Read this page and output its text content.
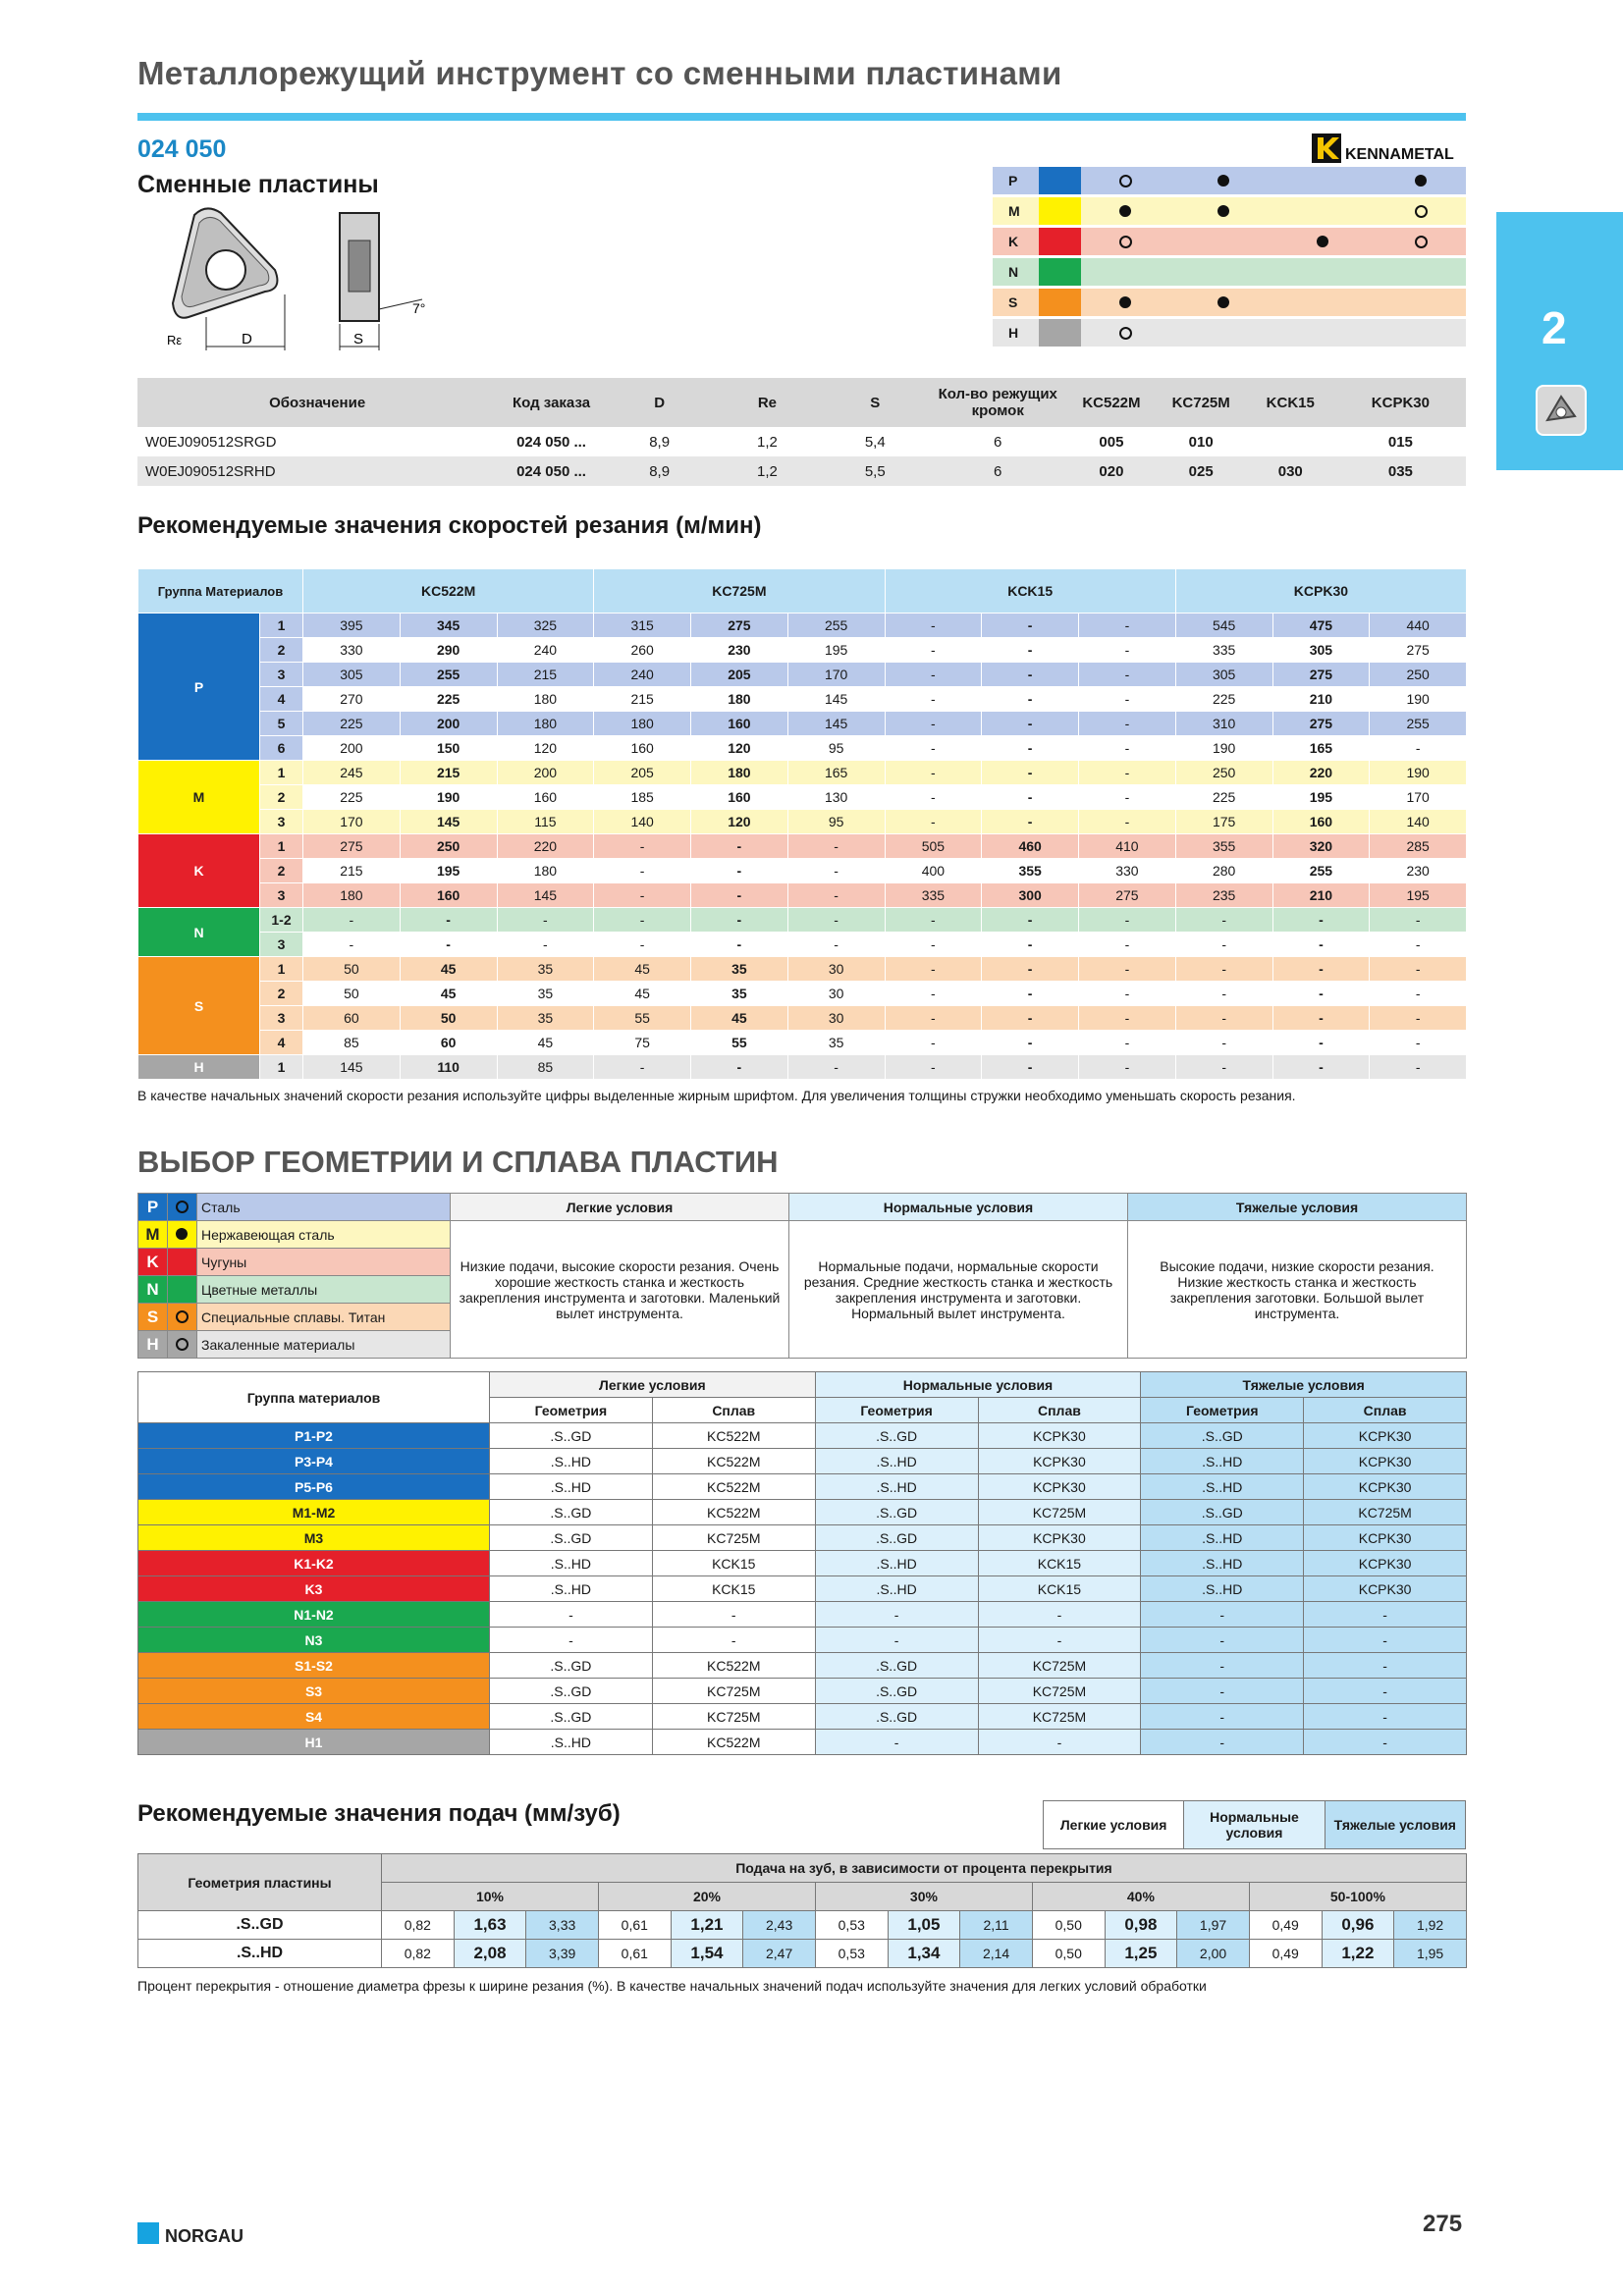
Металлорежущий инструмент со сменными пластинами
024 050
Сменные пластины
KENNAMETAL
2
D
Rε	S
7°
P
M
K
N
S
H
Обозначение	Код заказа	D	Re	S	Кол-во режущих кромок	KC522M	KC725M	KCK15	KCPK30
W0EJ090512SRGD	024 050 ...	8,9	1,2	5,4	6	005	010		015
W0EJ090512SRHD	024 050 ...	8,9	1,2	5,5	6	020	025	030	035
Рекомендуемые значения скоростей резания (м/мин)
Группа Материалов		KC522M			KC725M			KCK15			KCPK30		
P	1	395	345	325	315	275	255	-	-	-	545	475	440
	2	330	290	240	260	230	195	-	-	-	335	305	275
	3	305	255	215	240	205	170	-	-	-	305	275	250
	4	270	225	180	215	180	145	-	-	-	225	210	190
	5	225	200	180	180	160	145	-	-	-	310	275	255
	6	200	150	120	160	120	95	-	-	-	190	165	-
M	1	245	215	200	205	180	165	-	-	-	250	220	190
	2	225	190	160	185	160	130	-	-	-	225	195	170
	3	170	145	115	140	120	95	-	-	-	175	160	140
K	1	275	250	220	-	-	-	505	460	410	355	320	285
	2	215	195	180	-	-	-	400	355	330	280	255	230
	3	180	160	145	-	-	-	335	300	275	235	210	195
N	1-2	-	-	-	-	-	-	-	-	-	-	-	-
	3	-	-	-	-	-	-	-	-	-	-	-	-
S	1	50	45	35	45	35	30	-	-	-	-	-	-
	2	50	45	35	45	35	30	-	-	-	-	-	-
	3	60	50	35	55	45	30	-	-	-	-	-	-
	4	85	60	45	75	55	35	-	-	-	-	-	-
H	1	145	110	85	-	-	-	-	-	-	-	-	-
В качестве начальных значений скорости резания используйте цифры выделенные жирным шрифтом. Для увеличения толщины стружки необходимо уменьшать скорость резания.
ВЫБОР ГЕОМЕТРИИ И СПЛАВА ПЛАСТИН
P		Сталь	Легкие условия	Нормальные условия	Тяжелые условия
M		Нержавеющая сталь	Низкие подачи, высокие скорости резания. Очень хорошие жесткость станка и жесткость закрепления инструмента и заготовки. Маленький вылет инструмента.	Нормальные подачи, нормальные скорости резания. Средние жесткость станка и жесткость закрепления инструмента и заготовки. Нормальный вылет инструмента.	Высокие подачи, низкие скорости резания. Низкие жесткость станка и жесткость закрепления заготовки. Большой вылет инструмента.
K		Чугуны			
N		Цветные металлы			
S		Специальные сплавы. Титан			
H		Закаленные материалы			
Группа материалов	Легкие условия		Нормальные условия		Тяжелые условия	
	Геометрия	Сплав	Геометрия	Сплав	Геометрия	Сплав
P1-P2	.S..GD	KC522M	.S..GD	KCPK30	.S..GD	KCPK30
P3-P4	.S..HD	KC522M	.S..HD	KCPK30	.S..HD	KCPK30
P5-P6	.S..HD	KC522M	.S..HD	KCPK30	.S..HD	KCPK30
M1-M2	.S..GD	KC522M	.S..GD	KC725M	.S..GD	KC725M
M3	.S..GD	KC725M	.S..GD	KCPK30	.S..HD	KCPK30
K1-K2	.S..HD	KCK15	.S..HD	KCK15	.S..HD	KCPK30
K3	.S..HD	KCK15	.S..HD	KCK15	.S..HD	KCPK30
N1-N2	-	-	-	-	-	-
N3	-	-	-	-	-	-
S1-S2	.S..GD	KC522M	.S..GD	KC725M	-	-
S3	.S..GD	KC725M	.S..GD	KC725M	-	-
S4	.S..GD	KC725M	.S..GD	KC725M	-	-
H1	.S..HD	KC522M	-	-	-	-
Рекомендуемые значения подач (мм/зуб)	Легкие условия	Нормальные условия	Тяжелые условия
Геометрия пластины	Подача на зуб, в зависимости от процента перекрытия														
	10%			20%			30%			40%			50-100%		
.S..GD	0,82	1,63	3,33	0,61	1,21	2,43	0,53	1,05	2,11	0,50	0,98	1,97	0,49	0,96	1,92
.S..HD	0,82	2,08	3,39	0,61	1,54	2,47	0,53	1,34	2,14	0,50	1,25	2,00	0,49	1,22	1,95
Процент перекрытия - отношение диаметра фрезы к ширине резания (%). В качестве начальных значений подач используйте значения для легких условий обработки
NORGAU	275
